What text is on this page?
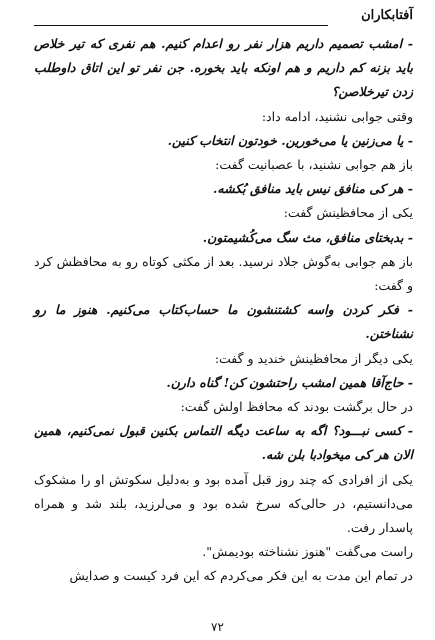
آفتابکاران

- امشب تصمیم داریم هزار نفر رو اعدام کنیم. هم نفری که تیر خلاص باید بزنه کم داریم و هم اونکه باید بخوره. جن نفر تو این اتاق داوطلب زدن تیرخلاصن؟

وقتی جوابی نشنید، ادامه داد:

- یا می‌زنین یا می‌خورین. خودتون انتخاب کنین.

باز هم جوابی نشنید، با عصبانیت گفت:

- هر کی منافق نیس باید منافق بُکشه.

یکی از محافظینش گفت:

- بدبختای منافق، مث سگ می‌کُشیمتون.

باز هم جوابی به‌گوش جلاد نرسید. بعد از مکثی کوتاه رو به محافظش کرد و گفت:

- فکر کردن واسه کشتنشون ما حساب‌کتاب می‌کنیم. هنوز ما رو نشناختن.

یکی دیگر از محافظینش خندید و گفت:

- حاج‌آقا همین امشب راحتشون کن! گناه دارن.

در حال برگشت بودند که محافظ اولش گفت:

- کسی نبـــود؟ اگه به ساعت دیگه التماس بکنین قبول نمی‌کنیم، همین الان هر کی میخوادبا بلن شه.

یکی از افرادی که چند روز قبل آمده بود و به‌دلیل سکوتش او را مشکوک می‌دانستیم، در حالی‌که سرخ شده بود و می‌لرزید، بلند شد و همراه پاسدار رفت.

راست می‌گفت "هنوز نشناخته بودیمش".

در تمام این مدت به این فکر می‌کردم که این فرد کیست و صدایش

۷۲
